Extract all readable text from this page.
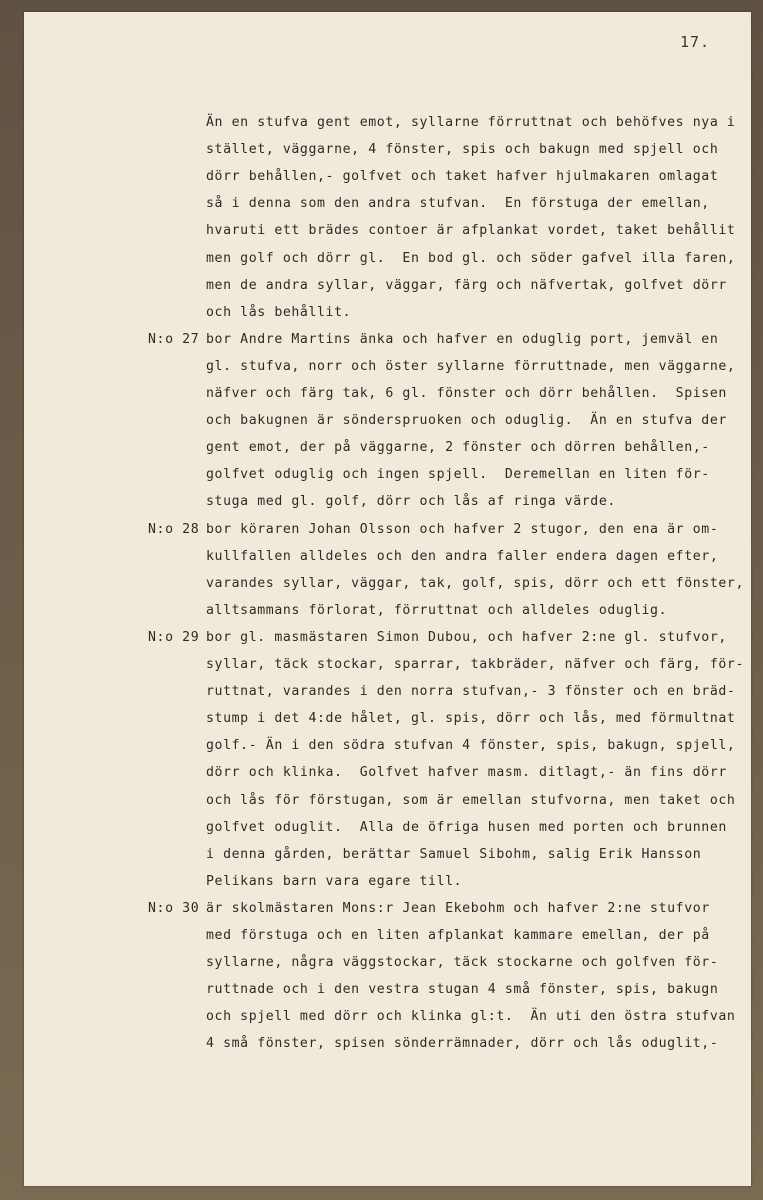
17.
Än en stufva gent emot, syllarne förruttnat och behöfves nya i
stället, väggarne, 4 fönster, spis och bakugn med spjell och
dörr behållen,- golfvet och taket hafver hjulmakaren omlagat
så i denna som den andra stufvan.  En förstuga der emellan,
hvaruti ett brädes contoer är afplankat vordet, taket behållit
men golf och dörr gl.  En bod gl. och söder gafvel illa faren,
men de andra syllar, väggar, färg och näfvertak, golfvet dörr
och lås behållit.
bor Andre Martins änka och hafver en oduglig port, jemväl en
gl. stufva, norr och öster syllarne förruttnade, men väggarne,
näfver och färg tak, 6 gl. fönster och dörr behållen.  Spisen
och bakugnen är sönderspruoken och oduglig.  Än en stufva der
gent emot, der på väggarne, 2 fönster och dörren behållen,-
golfvet oduglig och ingen spjell.  Deremellan en liten för-
stuga med gl. golf, dörr och lås af ringa värde.
bor köraren Johan Olsson och hafver 2 stugor, den ena är om-
kullfallen alldeles och den andra faller endera dagen efter,
varandes syllar, väggar, tak, golf, spis, dörr och ett fönster,
alltsammans förlorat, förruttnat och alldeles oduglig.
bor gl. masmästaren Simon Dubou, och hafver 2:ne gl. stufvor,
syllar, täck stockar, sparrar, takbräder, näfver och färg, för-
ruttnat, varandes i den norra stufvan,- 3 fönster och en bräd-
stump i det 4:de hålet, gl. spis, dörr och lås, med förmultnat
golf.- Än i den södra stufvan 4 fönster, spis, bakugn, spjell,
dörr och klinka.  Golfvet hafver masm. ditlagt,- än fins dörr
och lås för förstugan, som är emellan stufvorna, men taket och
golfvet oduglit.  Alla de öfriga husen med porten och brunnen
i denna gården, berättar Samuel Sibohm, salig Erik Hansson
Pelikans barn vara egare till.
är skolmästaren Mons:r Jean Ekebohm och hafver 2:ne stufvor
med förstuga och en liten afplankat kammare emellan, der på
syllarne, några väggstockar, täck stockarne och golfven för-
ruttnade och i den vestra stugan 4 små fönster, spis, bakugn
och spjell med dörr och klinka gl:t.  Än uti den östra stufvan
4 små fönster, spisen sönderrämnader, dörr och lås oduglit,-
N:o 27
N:o 28
N:o 29
N:o 30
